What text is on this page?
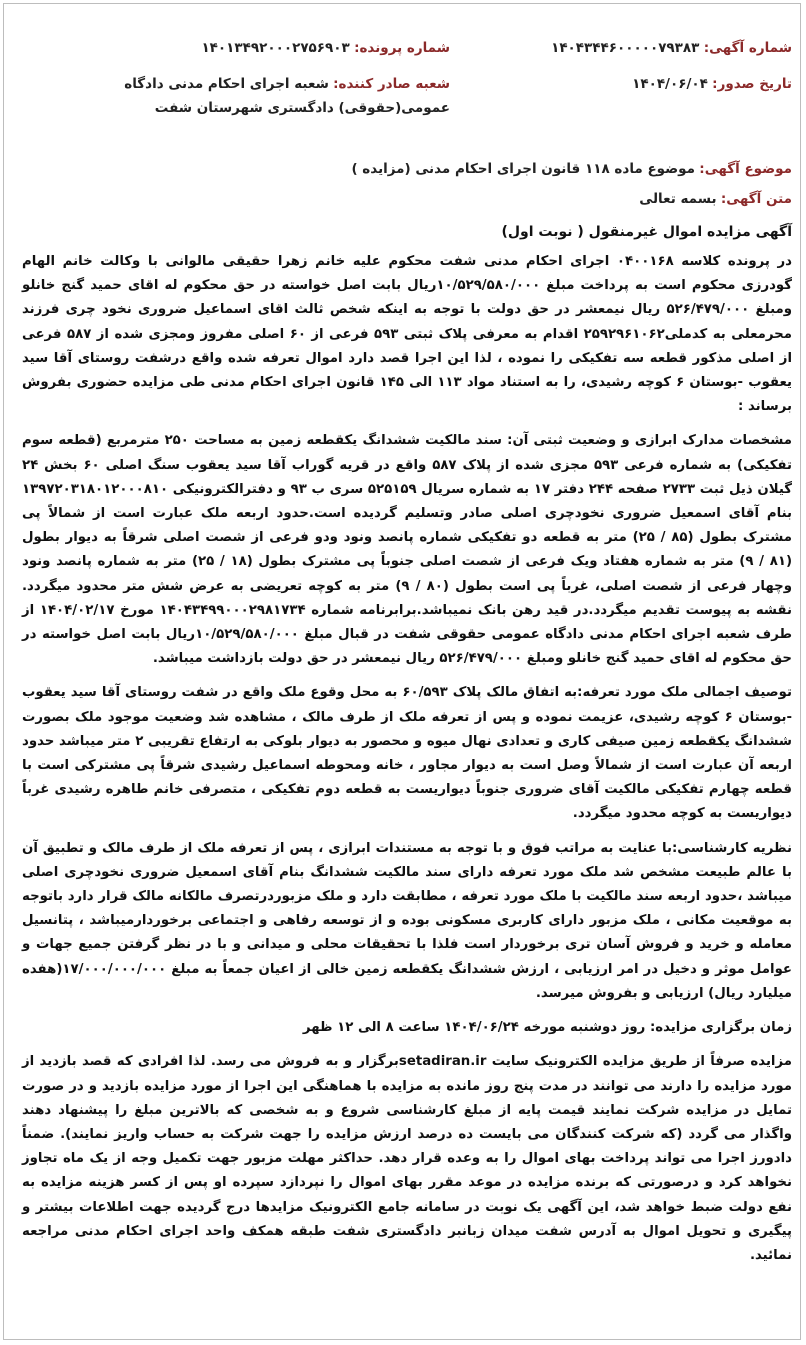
شماره آگهی: ۱۴۰۴۳۴۴۶۰۰۰۰۰۷۹۳۸۳
شماره پرونده: ۱۴۰۱۳۴۹۲۰۰۰۲۷۵۶۹۰۳
تاریخ صدور: ۱۴۰۴/۰۶/۰۴
شعبه صادر کننده: شعبه اجرای احکام مدنی دادگاه عمومی(حقوقی) دادگستری شهرستان شفت
موضوع آگهی: موضوع ماده ۱۱۸ قانون اجرای احکام مدنی (مزایده )
متن آگهی: بسمه تعالی
آگهی مزایده اموال غیرمنقول ( نوبت اول)
در پرونده کلاسه ۰۴۰۰۱۶۸ اجرای احکام مدنی شفت محکوم علیه خانم زهرا حقیقی مالوانی با وکالت خانم الهام گودرزی محکوم است به پرداخت مبلغ ۱۰/۵۲۹/۵۸۰/۰۰۰ریال بابت اصل خواسته در حق محکوم له اقای حمید گنج خانلو ومبلغ ۵۲۶/۴۷۹/۰۰۰ ریال نیمعشر در حق دولت با توجه به اینکه شخص ثالث اقای اسماعیل ضروری نخود چری فرزند محرمعلی به کدملی۲۵۹۲۹۶۱۰۶۲ اقدام به معرفی پلاک ثبتی ۵۹۳ فرعی از ۶۰ اصلی مفروز ومجزی شده از ۵۸۷ فرعی از اصلی مذکور قطعه سه تفکیکی را نموده ، لذا این اجرا قصد دارد اموال تعرفه شده واقع درشفت روستای آقا سید یعقوب -بوستان ۶ کوچه رشیدی، را به استناد مواد ۱۱۳ الی ۱۴۵ قانون اجرای احکام مدنی طی مزایده حضوری بفروش برساند :
مشخصات مدارک ابرازی و وضعیت ثبتی آن: سند مالکیت ششدانگ یکقطعه زمین به مساحت ۲۵۰ مترمربع (قطعه سوم تفکیکی) به شماره فرعی ۵۹۳ مجزی شده از پلاک ۵۸۷ واقع در قریه گوراب آقا سید یعقوب سنگ اصلی ۶۰ بخش ۲۴ گیلان ذیل ثبت ۲۷۳۳ صفحه ۲۴۴ دفتر ۱۷ به شماره سریال ۵۲۵۱۵۹ سری ب ۹۳ و دفترالکترونیکی ۱۳۹۷۲۰۳۱۸۰۱۲۰۰۰۸۱۰ بنام آقای اسمعیل ضروری نخودچری اصلی صادر وتسلیم گردیده است.حدود اربعه ملک عبارت است از شمالاً پی مشترک بطول (۸۵ / ۲۵) متر به قطعه دو تفکیکی شماره پانصد ونود ودو فرعی از شصت اصلی شرقاً به دیوار بطول (۸۱ / ۹) متر به شماره هفتاد ویک فرعی از شصت اصلی جنوباً پی مشترک بطول (۱۸ / ۲۵) متر به شماره پانصد ونود وچهار فرعی از شصت اصلی، غرباً پی است بطول (۸۰ / ۹) متر به کوچه تعریضی به عرض شش متر محدود میگردد. نقشه به پیوست تقدیم میگردد.در قید رهن بانک نمیباشد.برابرنامه شماره ۱۴۰۴۳۴۹۹۰۰۰۲۹۸۱۷۳۴ مورخ ۱۴۰۴/۰۲/۱۷ از طرف شعبه اجرای احکام مدنی دادگاه عمومی حقوقی شفت در قبال مبلغ ۱۰/۵۲۹/۵۸۰/۰۰۰ریال بابت اصل خواسته در حق محکوم له اقای حمید گنج خانلو ومبلغ ۵۲۶/۴۷۹/۰۰۰ ریال نیمعشر در حق دولت بازداشت میباشد.
توصیف اجمالی ملک مورد تعرفه:به اتفاق مالک پلاک ۶۰/۵۹۳ به محل وقوع ملک واقع در شفت روستای آقا سید یعقوب -بوستان ۶ کوچه رشیدی، عزیمت نموده و پس از تعرفه ملک از طرف مالک ، مشاهده شد وضعیت موجود ملک بصورت ششدانگ یکقطعه زمین صیفی کاری و تعدادی نهال میوه و محصور به دیوار بلوکی به ارتفاع تقریبی ۲ متر میباشد حدود اربعه آن عبارت است از شمالاً وصل است به دیوار مجاور ، خانه ومحوطه اسماعیل رشیدی شرقاً پی مشترکی است با قطعه چهارم تفکیکی مالکیت آقای ضروری جنوباً دیواریست به قطعه دوم تفکیکی ، متصرفی خانم طاهره رشیدی غرباً دیواریست به کوچه محدود میگردد.
نظریه کارشناسی:با عنایت به مراتب فوق و با توجه به مستندات ابرازی ، پس از تعرفه ملک از طرف مالک و تطبیق آن با عالم طبیعت مشخص شد ملک مورد تعرفه دارای سند مالکیت ششدانگ بنام آقای اسمعیل ضروری نخودچری اصلی میباشد ،حدود اربعه سند مالکیت با ملک مورد تعرفه ، مطابقت دارد و ملک مزبوردرتصرف مالکانه مالک قرار دارد باتوجه به موقعیت مکانی ، ملک مزبور دارای کاربری مسکونی بوده و از توسعه رفاهی و اجتماعی برخوردارمیباشد ، پتانسیل معامله و خرید و فروش آسان تری برخوردار است فلذا با تحقیقات محلی و میدانی و با در نظر گرفتن جمیع جهات و عوامل موثر و دخیل در امر ارزیابی ، ارزش ششدانگ یکقطعه زمین خالی از اعیان جمعاً به مبلغ ۱۷/۰۰۰/۰۰۰/۰۰۰(هفده میلیارد ریال) ارزیابی و بفروش میرسد.
زمان برگزاری مزایده: روز دوشنبه مورخه ۱۴۰۴/۰۶/۲۴ ساعت ۸ الی ۱۲ ظهر
مزایده صرفاً از طریق مزایده الکترونیک سایت setadiran.irبرگزار و به فروش می رسد. لذا افرادی که قصد بازدید از مورد مزایده را دارند می توانند در مدت پنج روز مانده به مزایده با هماهنگی این اجرا از مورد مزایده بازدید و در صورت تمایل در مزایده شرکت نمایند قیمت پایه از مبلغ کارشناسی شروع و به شخصی که بالاترین مبلغ را پیشنهاد دهند واگذار می گردد (که شرکت کنندگان می بایست ده درصد ارزش مزایده را جهت شرکت به حساب واریز نمایند). ضمناً دادورز اجرا می تواند پرداخت بهای اموال را به وعده قرار دهد. حداکثر مهلت مزبور جهت تکمیل وجه از یک ماه تجاوز نخواهد کرد و درصورتی که برنده مزایده در موعد مقرر بهای اموال را نپردازد سپرده او پس از کسر هزینه مزایده به نفع دولت ضبط خواهد شد، این آگهی یک نوبت در سامانه جامع الکترونیک مزایدها درج گردیده جهت اطلاعات بیشتر و پیگیری و تحویل اموال به آدرس شفت میدان زبانبر دادگستری شفت طبقه همکف واحد اجرای احکام مدنی مراجعه نمائید.
